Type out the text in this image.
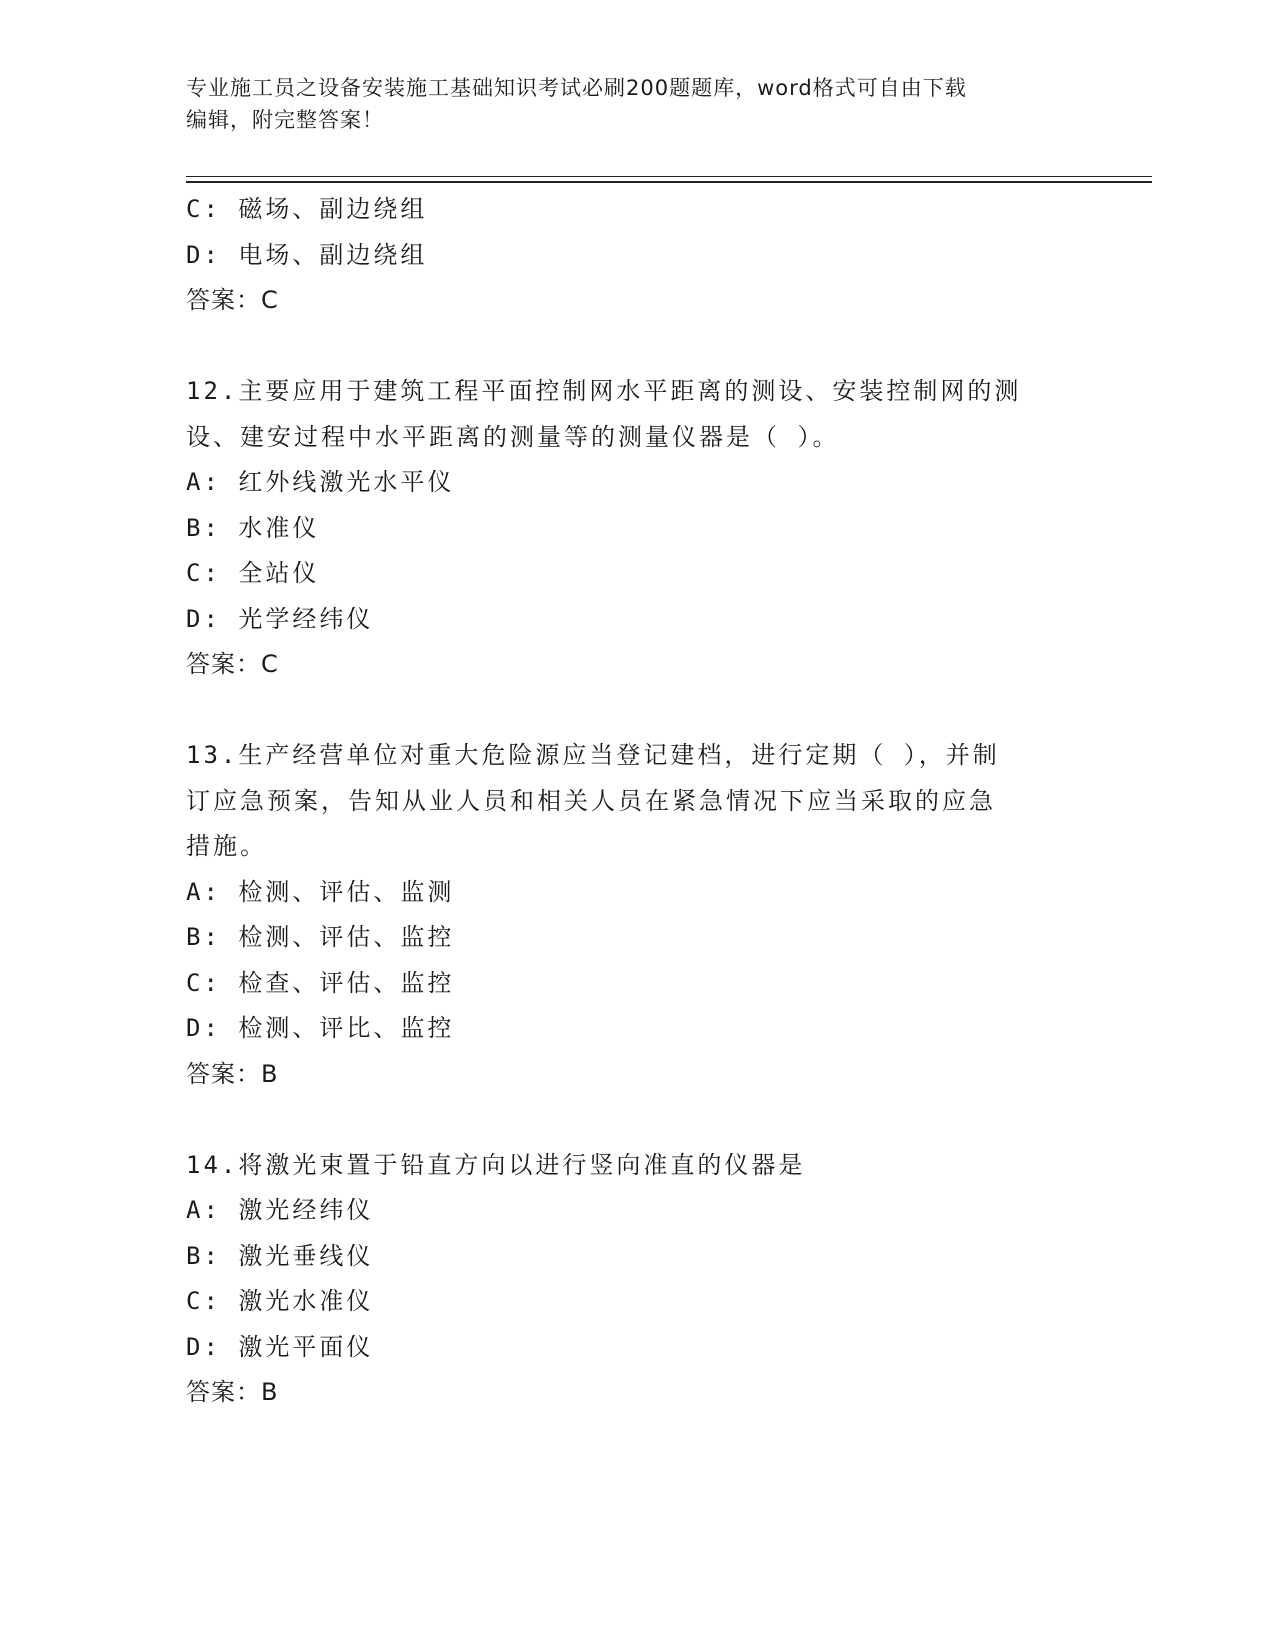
专业施工员之设备安装施工基础知识考试必刷200题题库，word格式可自由下载
编辑，附完整答案！
C: 磁场、副边绕组
D: 电场、副边绕组
答案：C
12.主要应用于建筑工程平面控制网水平距离的测设、安装控制网的测
设、建安过程中水平距离的测量等的测量仪器是（ ）。
A: 红外线激光水平仪
B: 水准仪
C: 全站仪
D: 光学经纬仪
答案：C
13.生产经营单位对重大危险源应当登记建档，进行定期（ ），并制
订应急预案，告知从业人员和相关人员在紧急情况下应当采取的应急
措施。
A: 检测、评估、监测
B: 检测、评估、监控
C: 检查、评估、监控
D: 检测、评比、监控
答案：B
14.将激光束置于铅直方向以进行竖向准直的仪器是
A: 激光经纬仪
B: 激光垂线仪
C: 激光水准仪
D: 激光平面仪
答案：B
